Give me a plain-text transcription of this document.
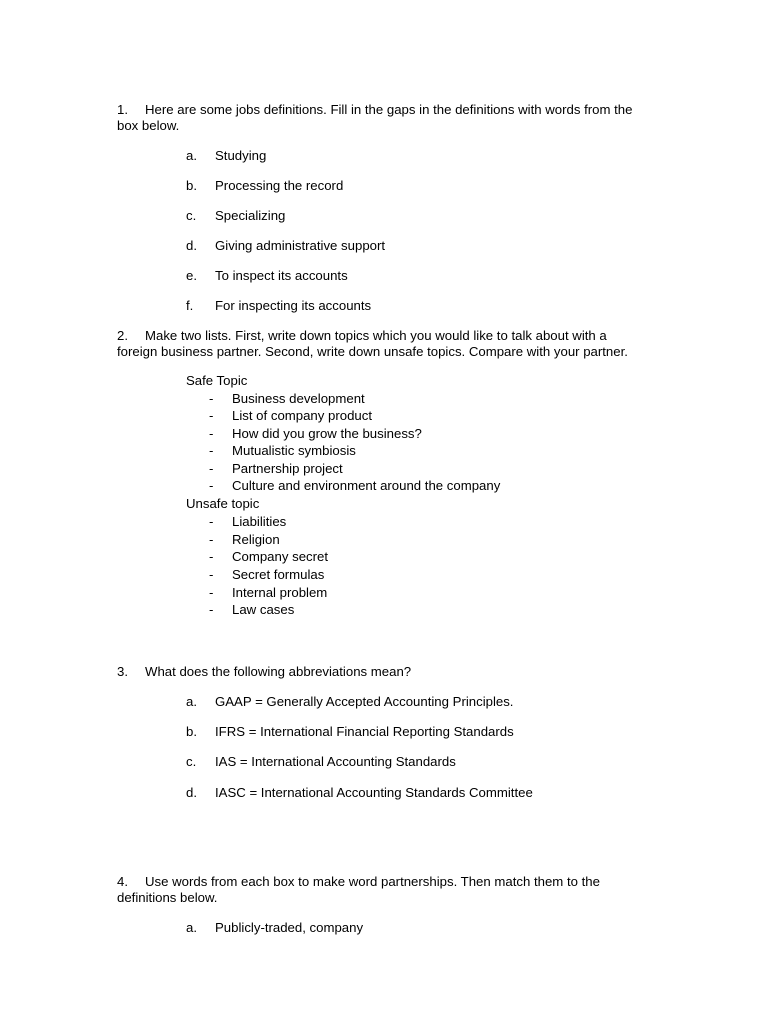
1. Here are some jobs definitions. Fill in the gaps in the definitions with words from the
box below.
a. Studying
b. Processing the record
c. Specializing
d. Giving administrative support
e. To inspect its accounts
f. For inspecting its accounts
2. Make two lists. First, write down topics which you would like to talk about with a
foreign business partner. Second, write down unsafe topics. Compare with your partner.
Safe Topic
- Business development
- List of company product
- How did you grow the business?
- Mutualistic symbiosis
- Partnership project
- Culture and environment around the company
Unsafe topic
- Liabilities
- Religion
- Company secret
- Secret formulas
- Internal problem
- Law cases
3. What does the following abbreviations mean?
a. GAAP = Generally Accepted Accounting Principles.
b. IFRS = International Financial Reporting Standards
c. IAS = International Accounting Standards
d. IASC = International Accounting Standards Committee
4. Use words from each box to make word partnerships. Then match them to the
definitions below.
a. Publicly-traded, company
